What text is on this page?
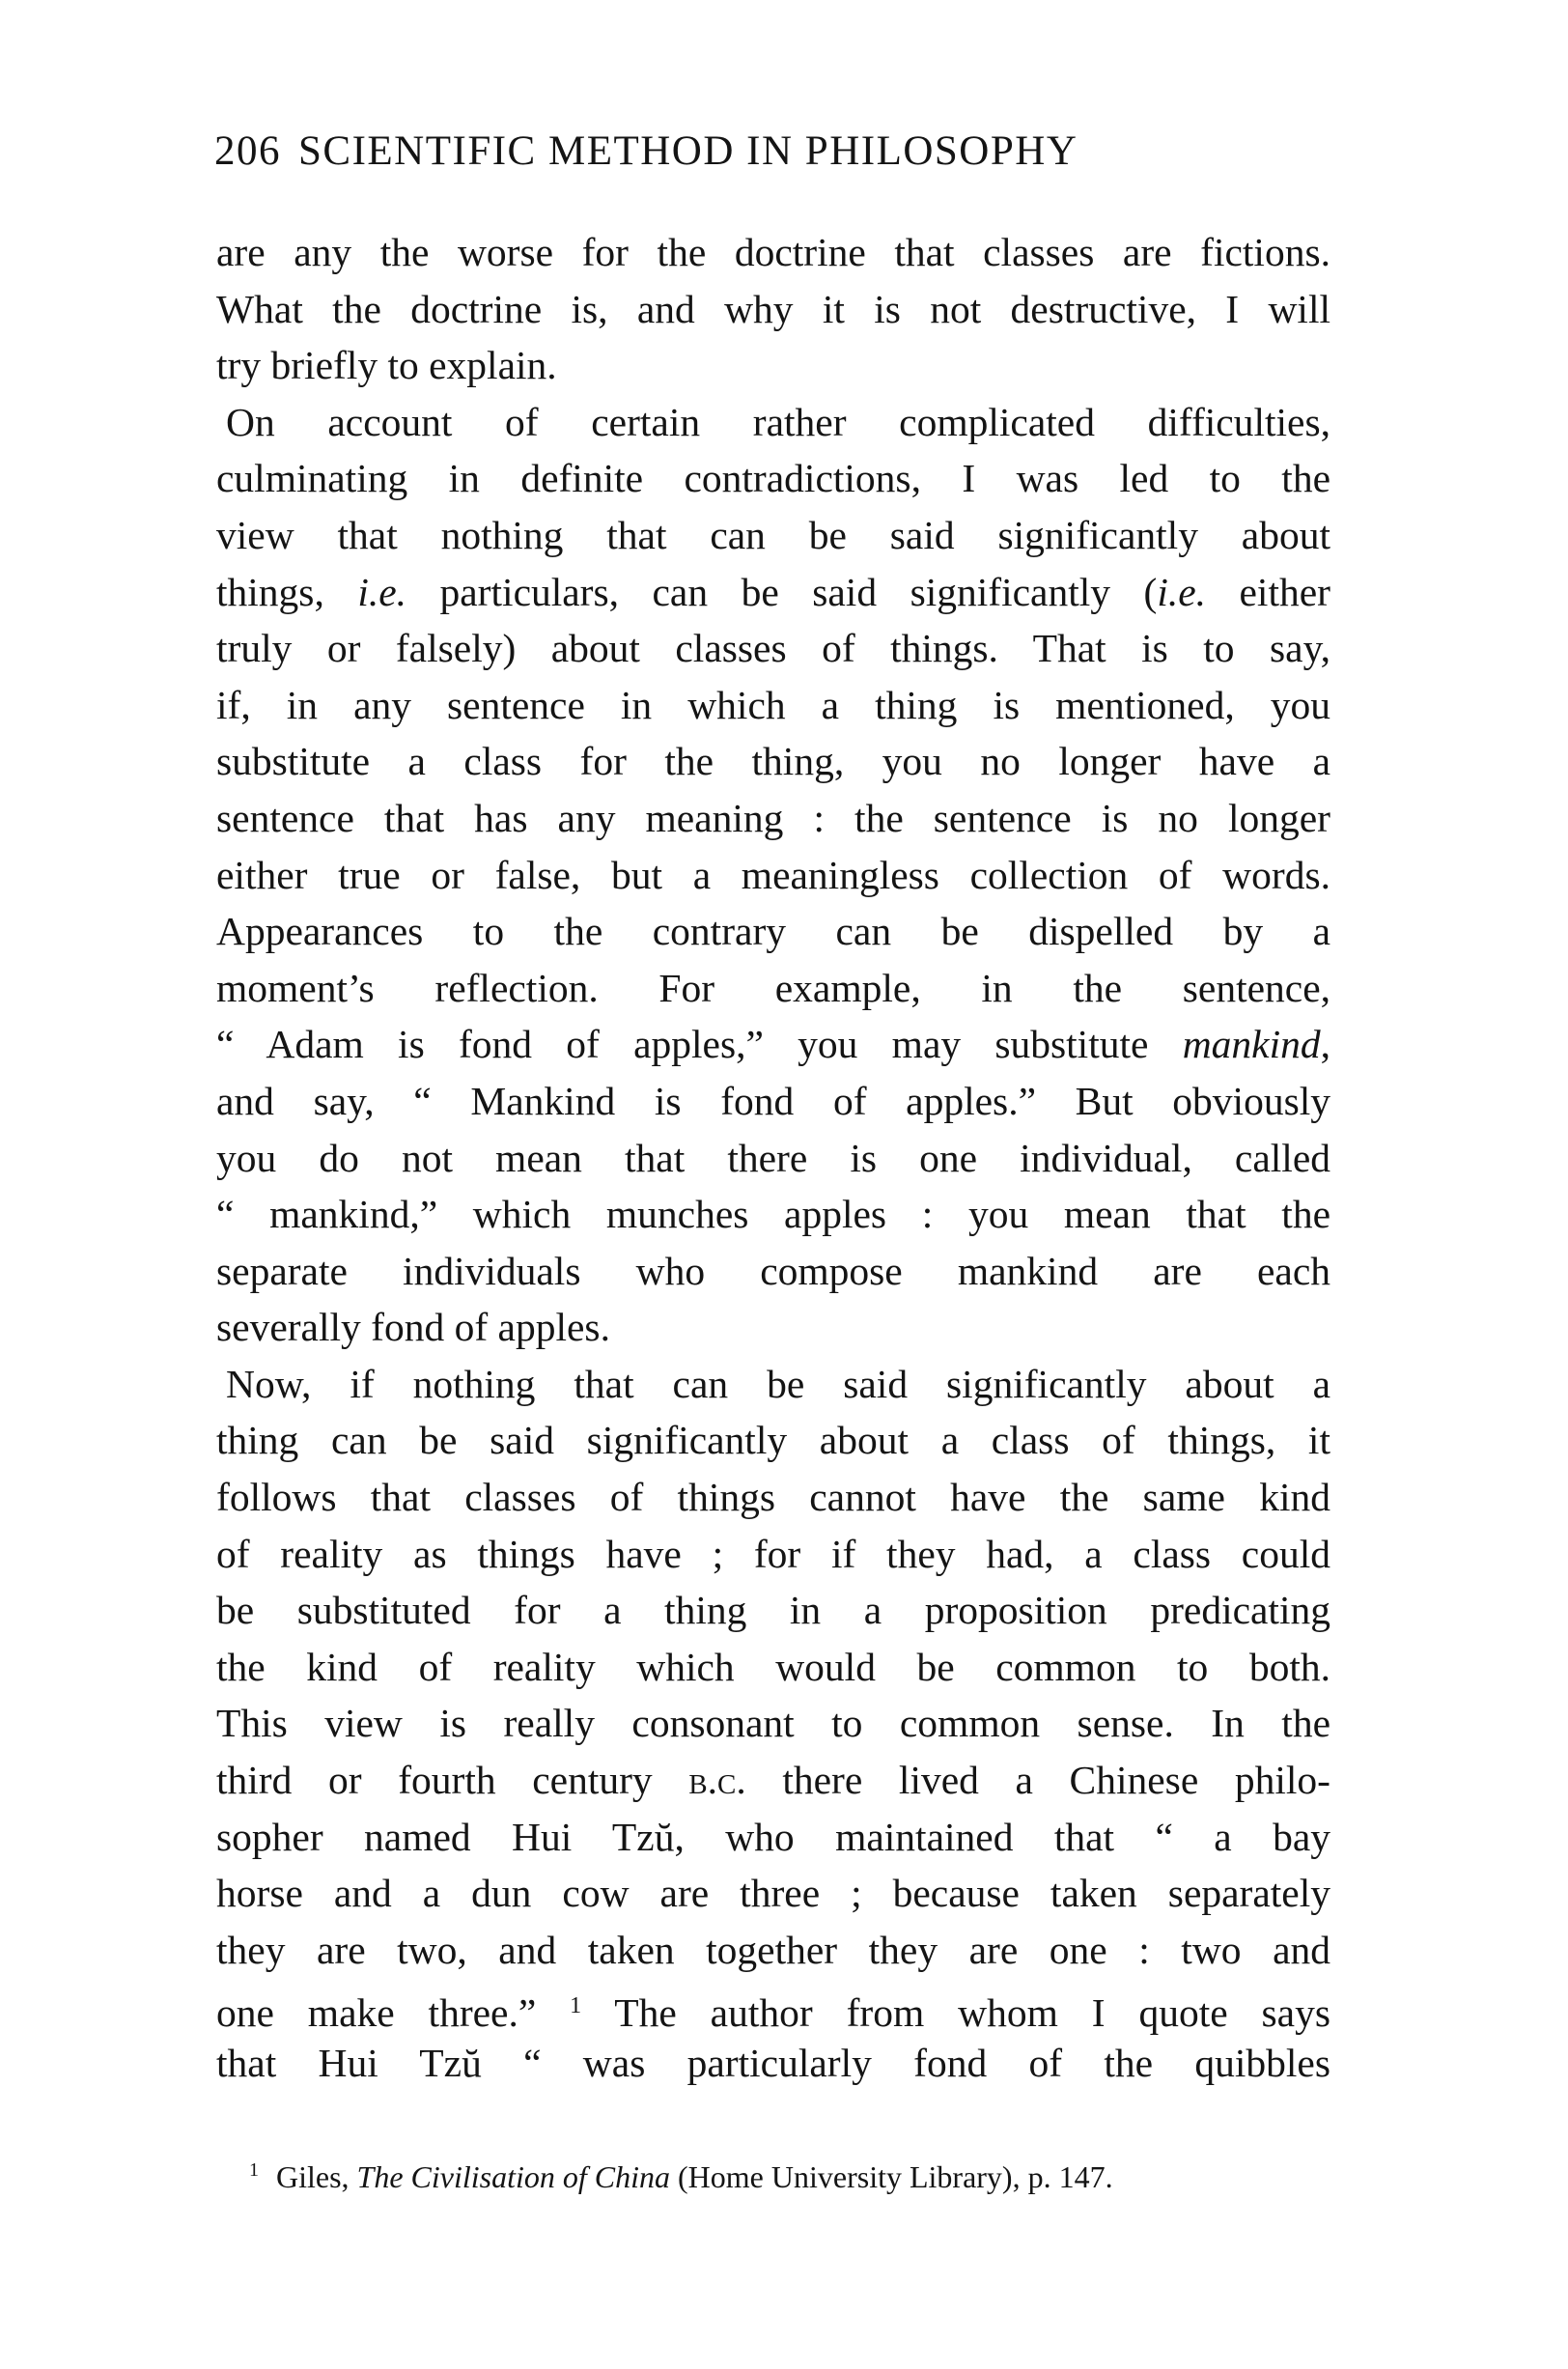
206 SCIENTIFIC METHOD IN PHILOSOPHY
are any the worse for the doctrine that classes are fictions.
What the doctrine is, and why it is not destructive, I will
try briefly to explain.
On account of certain rather complicated difficulties,
culminating in definite contradictions, I was led to the
view that nothing that can be said significantly about
things, i.e. particulars, can be said significantly (i.e. either
truly or falsely) about classes of things. That is to say,
if, in any sentence in which a thing is mentioned, you
substitute a class for the thing, you no longer have a
sentence that has any meaning : the sentence is no longer
either true or false, but a meaningless collection of words.
Appearances to the contrary can be dispelled by a
moment’s reflection. For example, in the sentence,
“ Adam is fond of apples,” you may substitute mankind,
and say, “ Mankind is fond of apples.” But obviously
you do not mean that there is one individual, called
“ mankind,” which munches apples : you mean that the
separate individuals who compose mankind are each
severally fond of apples.
Now, if nothing that can be said significantly about a
thing can be said significantly about a class of things, it
follows that classes of things cannot have the same kind
of reality as things have ; for if they had, a class could
be substituted for a thing in a proposition predicating
the kind of reality which would be common to both.
This view is really consonant to common sense. In the
third or fourth century b.c. there lived a Chinese philo-
sopher named Hui Tzŭ, who maintained that “ a bay
horse and a dun cow are three ; because taken separately
they are two, and taken together they are one : two and
one make three.” $^1$ The author from whom I quote says
that Hui Tzŭ “ was particularly fond of the quibbles
$^1$ Giles, The Civilisation of China (Home University Library), p. 147.
